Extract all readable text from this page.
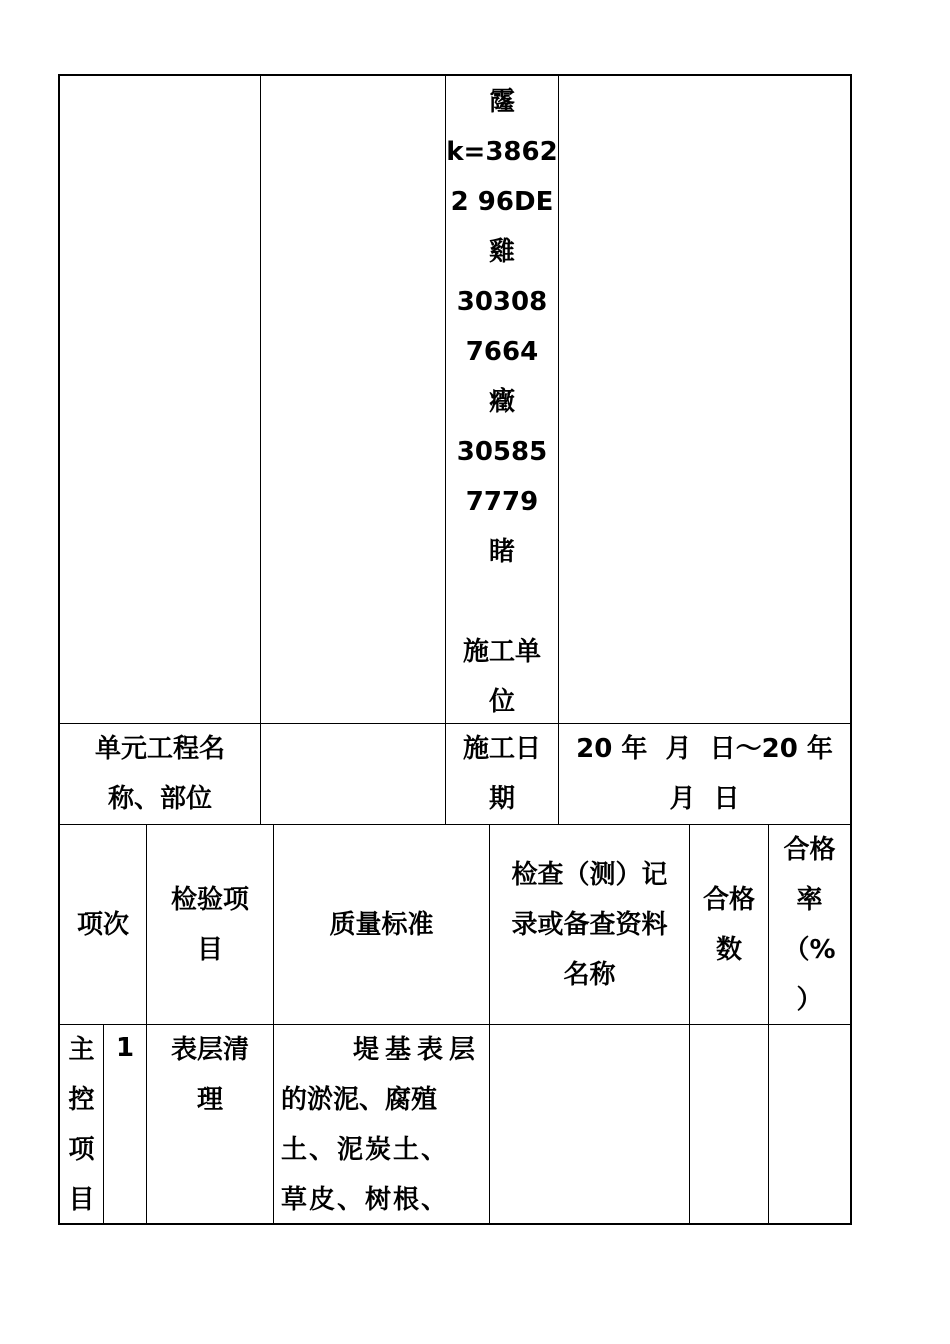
霳
k=3862
2 96DE
雞
30308
7664
癥
30585
7779
睹
施工单
位
单元工程名
称、部位
施工日
期
20 年  月  日～20 年
月  日
项次
检验项
目
质量标准
检查（测）记
录或备查资料
名称
合格
数
合格
率
（%
）
主
控
项
目
1 表层清
理
堤基表层
的淤泥、腐殖
土、泥炭土、
草皮、树根、
